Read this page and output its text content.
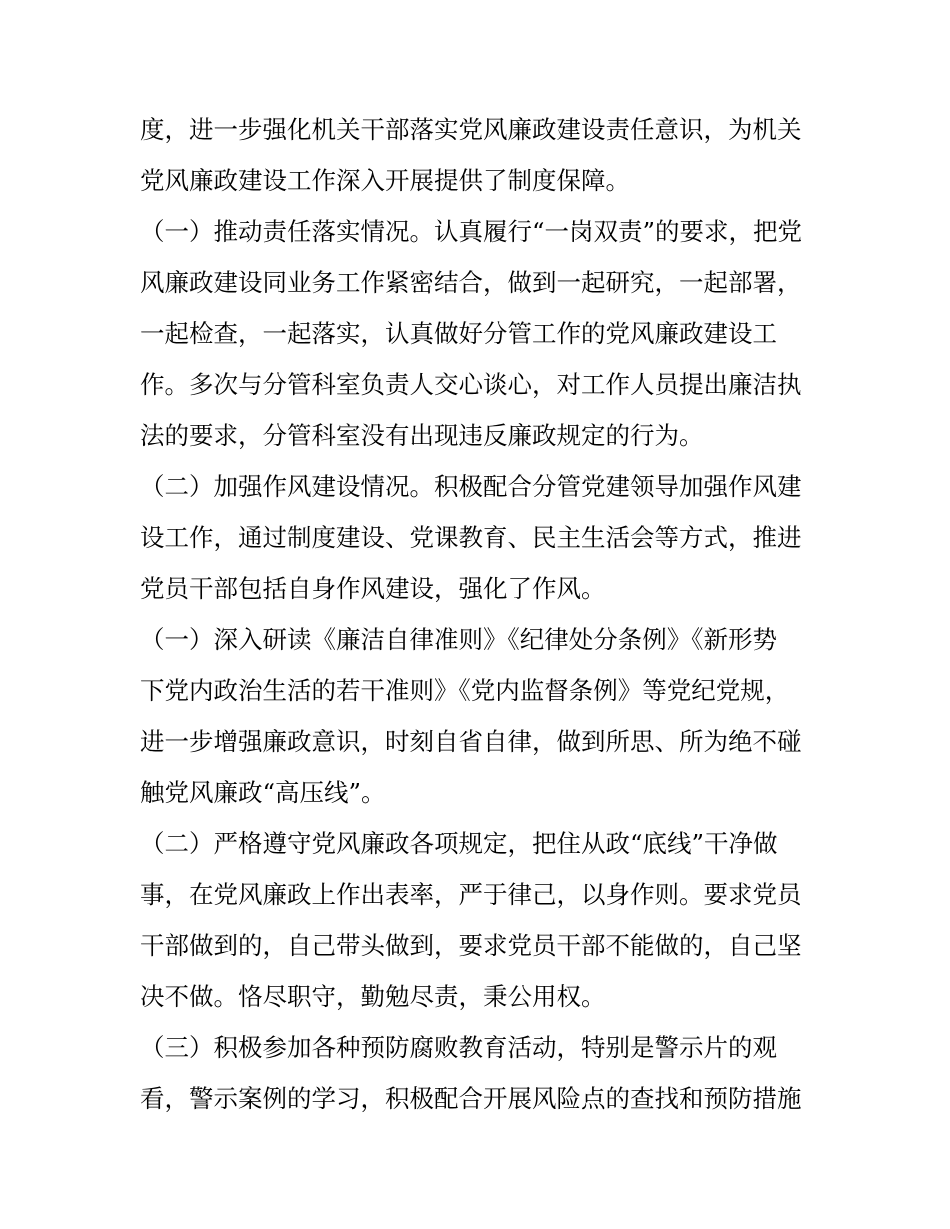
度，进一步强化机关干部落实党风廉政建设责任意识，为机关
党风廉政建设工作深入开展提供了制度保障。
（一）推动责任落实情况。认真履行“一岗双责”的要求，把党
风廉政建设同业务工作紧密结合，做到一起研究，一起部署，
一起检查，一起落实，认真做好分管工作的党风廉政建设工
作。多次与分管科室负责人交心谈心，对工作人员提出廉洁执
法的要求，分管科室没有出现违反廉政规定的行为。
（二）加强作风建设情况。积极配合分管党建领导加强作风建
设工作，通过制度建设、党课教育、民主生活会等方式，推进
党员干部包括自身作风建设，强化了作风。
（一）深入研读《廉洁自律准则》《纪律处分条例》《新形势
下党内政治生活的若干准则》《党内监督条例》等党纪党规，
进一步增强廉政意识，时刻自省自律，做到所思、所为绝不碰
触党风廉政“高压线”。
（二）严格遵守党风廉政各项规定，把住从政“底线”干净做
事，在党风廉政上作出表率，严于律己，以身作则。要求党员
干部做到的，自己带头做到，要求党员干部不能做的，自己坚
决不做。恪尽职守，勤勉尽责，秉公用权。
（三）积极参加各种预防腐败教育活动，特别是警示片的观
看，警示案例的学习，积极配合开展风险点的查找和预防措施
